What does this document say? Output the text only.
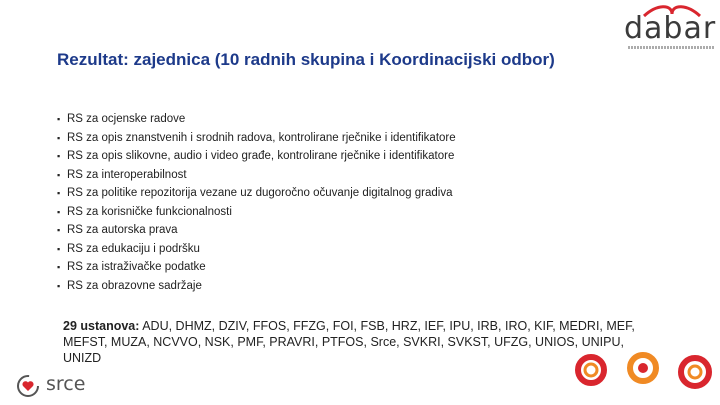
dabar
Rezultat: zajednica (10 radnih skupina i Koordinacijski odbor)
▪ RS za ocjenske radove
▪ RS za opis znanstvenih i srodnih radova, kontrolirane rječnike i identifikatore
▪ RS za opis slikovne, audio i video građe, kontrolirane rječnike i identifikatore
▪ RS za interoperabilnost
▪ RS za politike repozitorija vezane uz dugoročno očuvanje digitalnog gradiva
▪ RS za korisničke funkcionalnosti
▪ RS za autorska prava
▪ RS za edukaciju i podršku
▪ RS za istraživačke podatke
▪ RS za obrazovne sadržaje

29 ustanova: ADU, DHMZ, DZIV, FFOS, FFZG, FOI, FSB, HRZ, IEF, IPU, IRB, IRO, KIF, MEDRI, MEF, MEFST, MUZA, NCVVO, NSK, PMF, PRAVRI, PTFOS, Srce, SVKRI, SVKST, UFZG, UNIOS, UNIPU, UNIZD

srce
